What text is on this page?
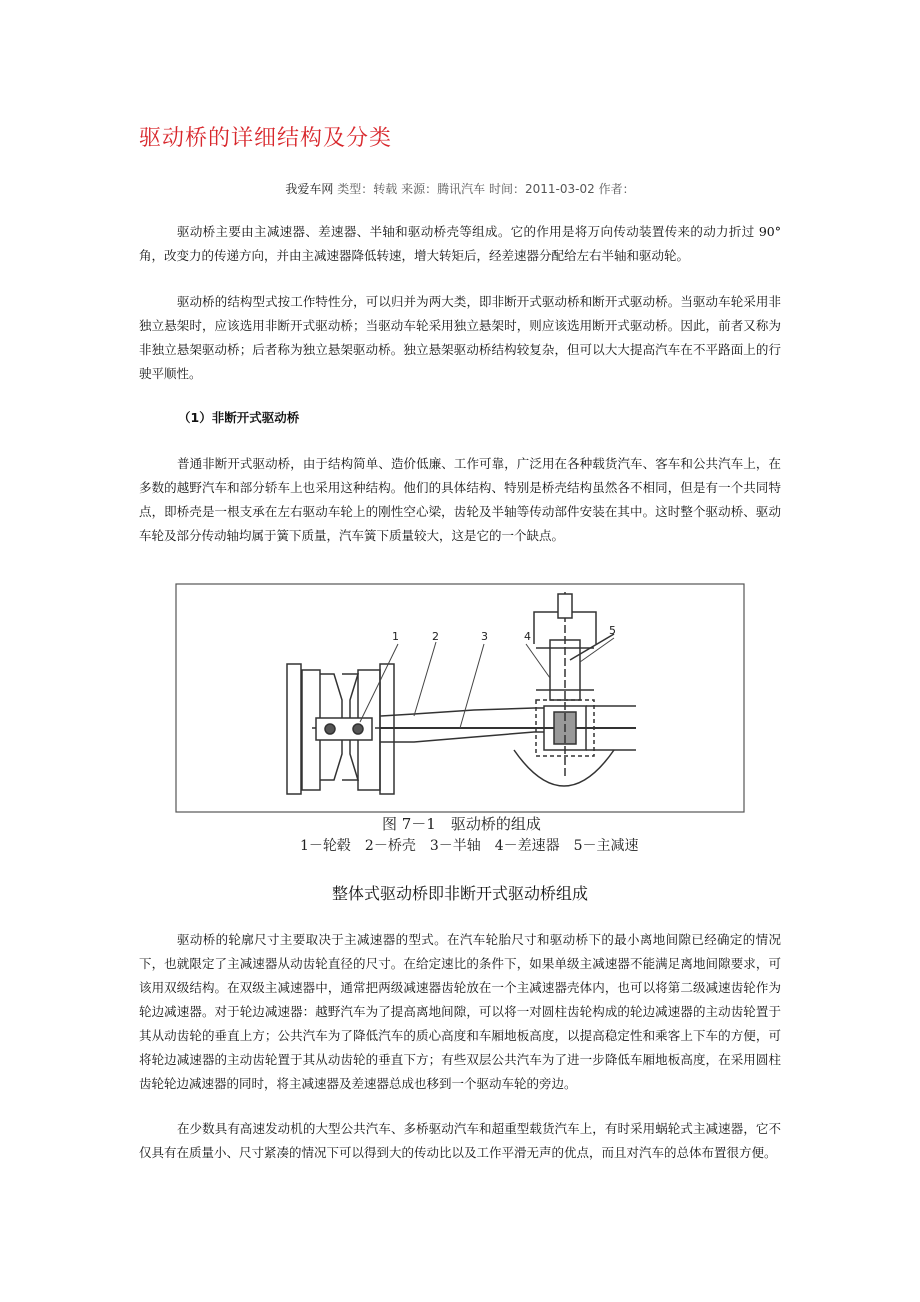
驱动桥的详细结构及分类
我爱车网 类型：转载 来源：腾讯汽车 时间：2011-03-02 作者：

驱动桥主要由主减速器、差速器、半轴和驱动桥壳等组成。它的作用是将万向传动装置传来的动力折过 90° 角，改变力的传递方向，并由主减速器降低转速，增大转矩后，经差速器分配给左右半轴和驱动轮。

驱动桥的结构型式按工作特性分，可以归并为两大类，即非断开式驱动桥和断开式驱动桥。当驱动车轮采用非独立悬架时，应该选用非断开式驱动桥；当驱动车轮采用独立悬架时，则应该选用断开式驱动桥。因此，前者又称为非独立悬架驱动桥；后者称为独立悬架驱动桥。独立悬架驱动桥结构较复杂，但可以大大提高汽车在不平路面上的行驶平顺性。

（1）非断开式驱动桥

普通非断开式驱动桥，由于结构简单、造价低廉、工作可靠，广泛用在各种载货汽车、客车和公共汽车上，在多数的越野汽车和部分轿车上也采用这种结构。他们的具体结构、特别是桥壳结构虽然各不相同，但是有一个共同特点，即桥壳是一根支承在左右驱动车轮上的刚性空心梁，齿轮及半轴等传动部件安装在其中。这时整个驱动桥、驱动车轮及部分传动轴均属于簧下质量，汽车簧下质量较大，这是它的一个缺点。

1	2	3	4	5
图 7－1　驱动桥的组成
1－轮毂　2－桥壳　3－半轴　4－差速器　5－主减速
整体式驱动桥即非断开式驱动桥组成

驱动桥的轮廓尺寸主要取决于主减速器的型式。在汽车轮胎尺寸和驱动桥下的最小离地间隙已经确定的情况下，也就限定了主减速器从动齿轮直径的尺寸。在给定速比的条件下，如果单级主减速器不能满足离地间隙要求，可该用双级结构。在双级主减速器中，通常把两级减速器齿轮放在一个主减速器壳体内，也可以将第二级减速齿轮作为轮边减速器。对于轮边减速器：越野汽车为了提高离地间隙，可以将一对圆柱齿轮构成的轮边减速器的主动齿轮置于其从动齿轮的垂直上方；公共汽车为了降低汽车的质心高度和车厢地板高度，以提高稳定性和乘客上下车的方便，可将轮边减速器的主动齿轮置于其从动齿轮的垂直下方；有些双层公共汽车为了进一步降低车厢地板高度，在采用圆柱齿轮轮边减速器的同时，将主减速器及差速器总成也移到一个驱动车轮的旁边。

在少数具有高速发动机的大型公共汽车、多桥驱动汽车和超重型载货汽车上，有时采用蜗轮式主减速器，它不仅具有在质量小、尺寸紧凑的情况下可以得到大的传动比以及工作平滑无声的优点，而且对汽车的总体布置很方便。
